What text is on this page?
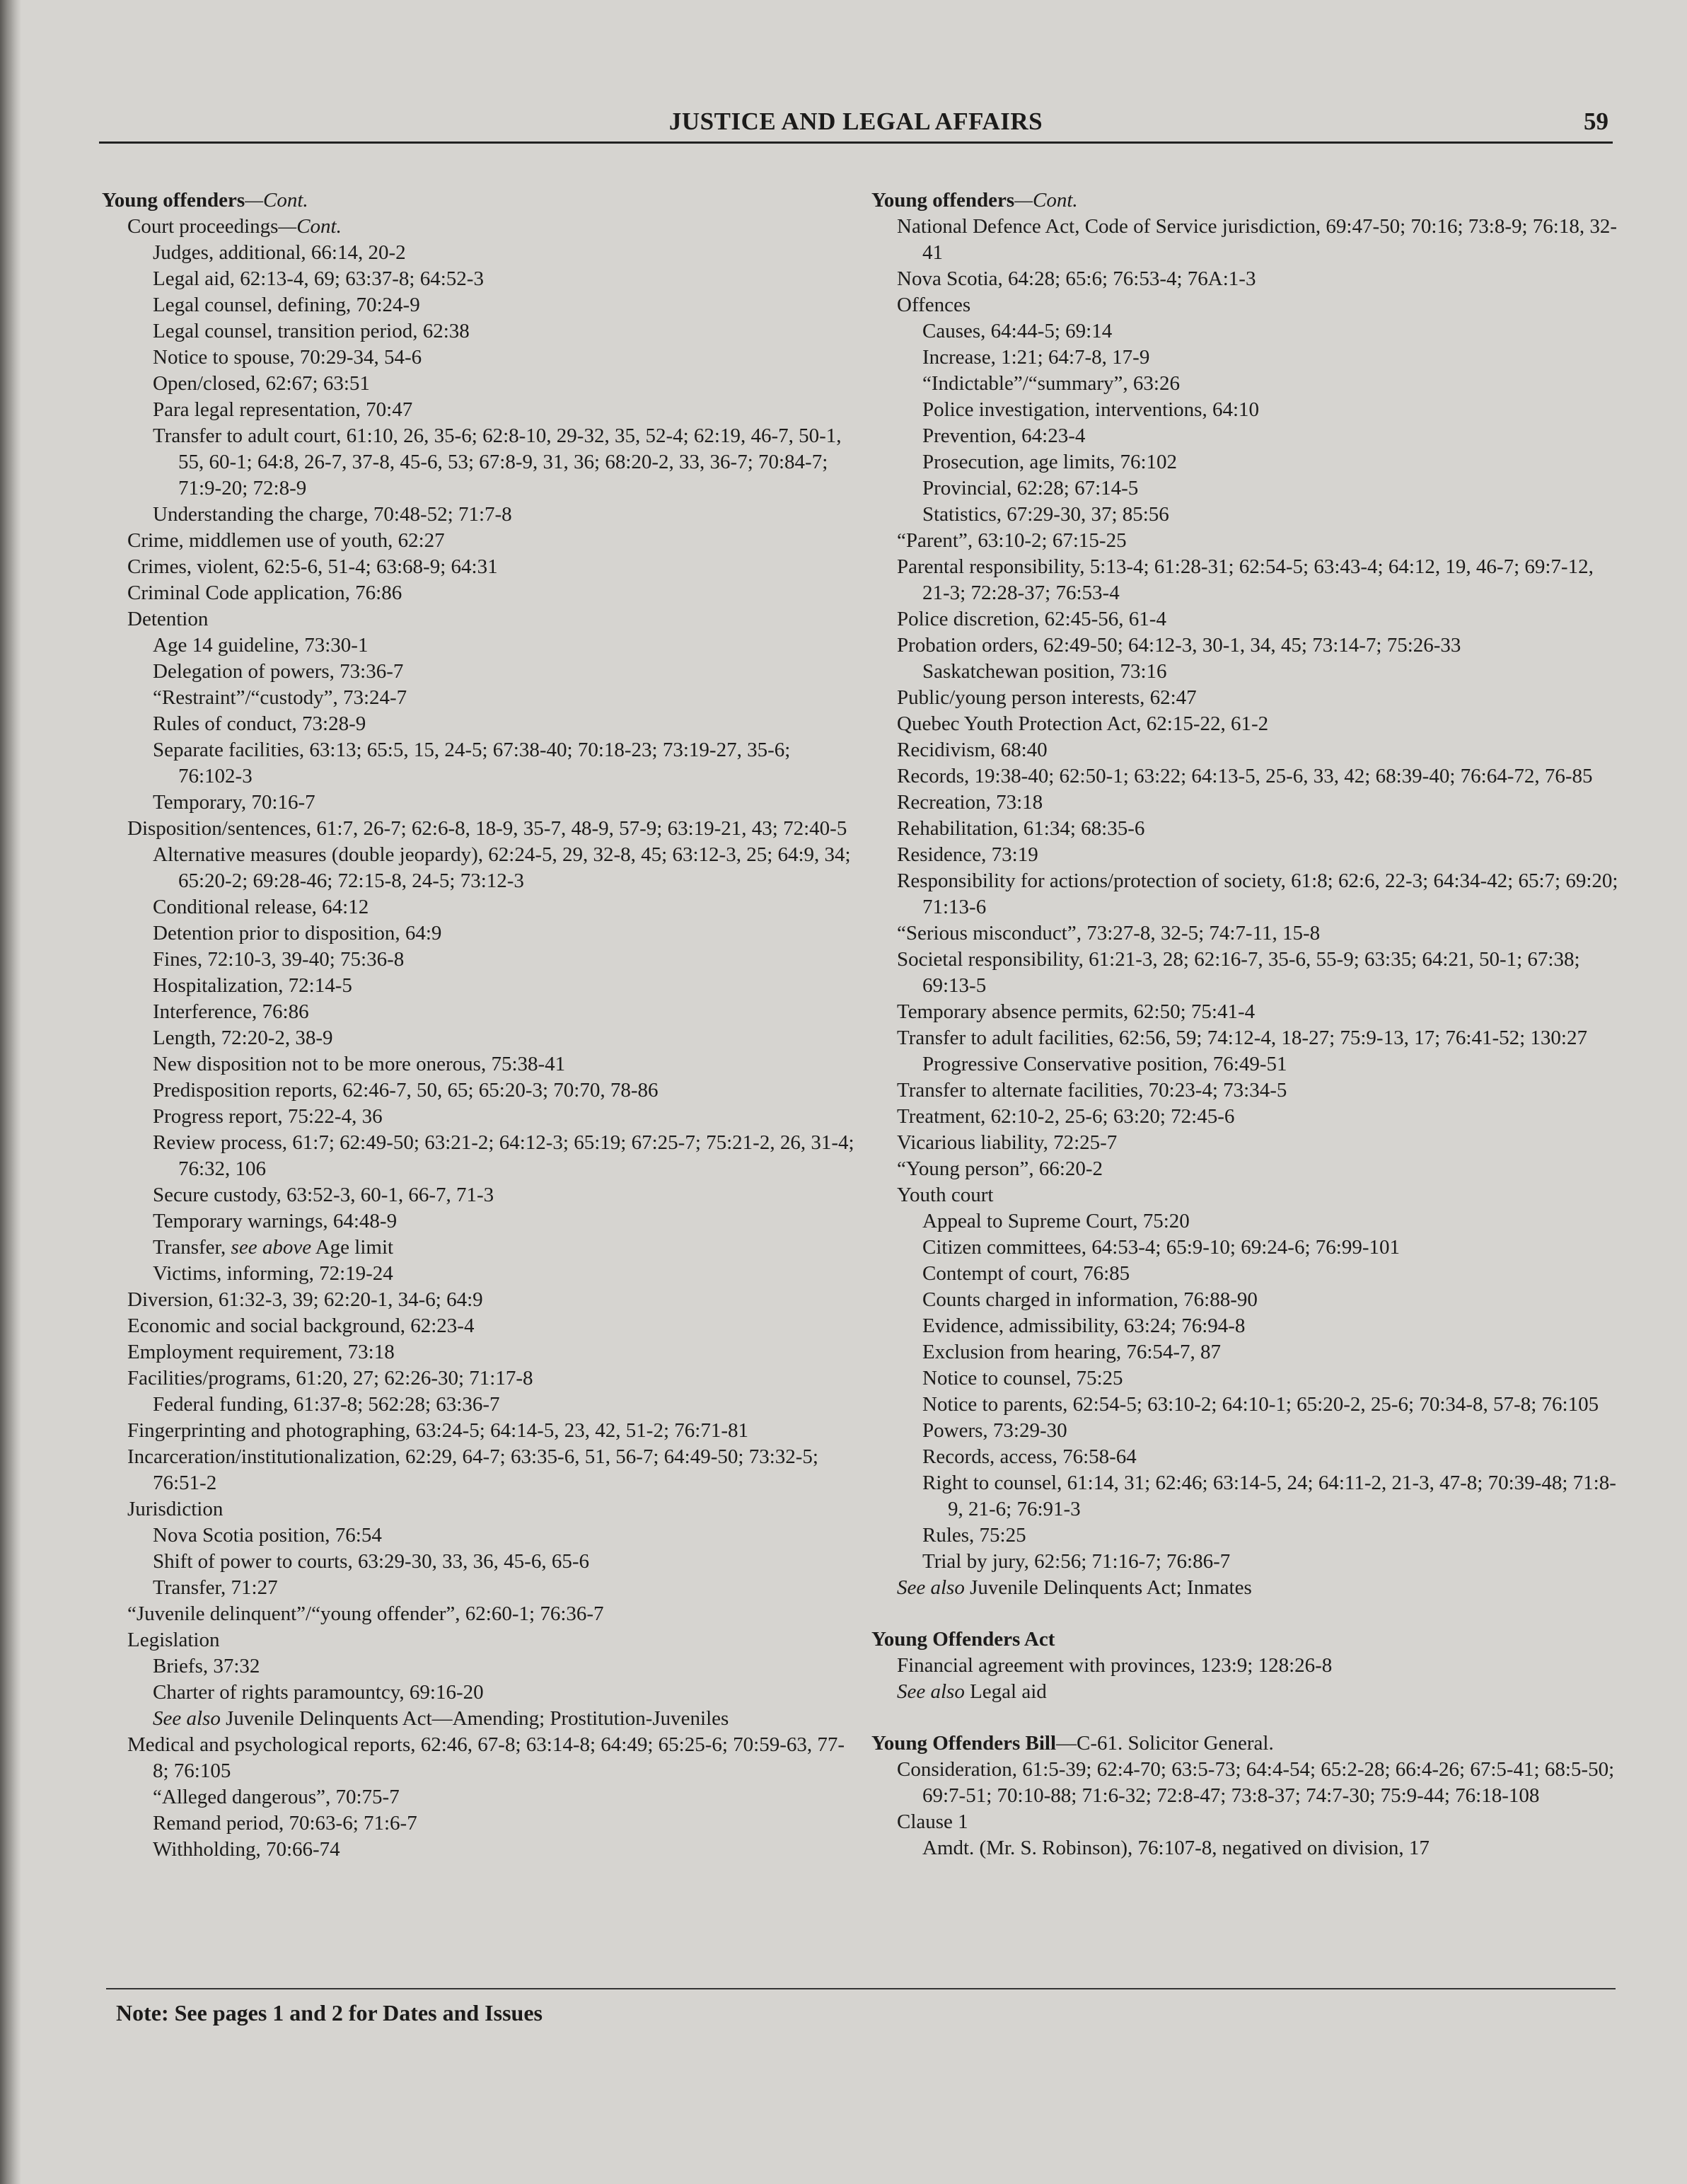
JUSTICE AND LEGAL AFFAIRS	59
Young offenders—Cont.
Court proceedings—Cont.
Judges, additional, 66:14, 20-2
Legal aid, 62:13-4, 69; 63:37-8; 64:52-3
Legal counsel, defining, 70:24-9
Legal counsel, transition period, 62:38
Notice to spouse, 70:29-34, 54-6
Open/closed, 62:67; 63:51
Para legal representation, 70:47
Transfer to adult court, 61:10, 26, 35-6; 62:8-10, 29-32, 35, 52-4; 62:19, 46-7, 50-1, 55, 60-1; 64:8, 26-7, 37-8, 45-6, 53; 67:8-9, 31, 36; 68:20-2, 33, 36-7; 70:84-7; 71:9-20; 72:8-9
Understanding the charge, 70:48-52; 71:7-8
Crime, middlemen use of youth, 62:27
Crimes, violent, 62:5-6, 51-4; 63:68-9; 64:31
Criminal Code application, 76:86
Detention
Age 14 guideline, 73:30-1
Delegation of powers, 73:36-7
“Restraint”/“custody”, 73:24-7
Rules of conduct, 73:28-9
Separate facilities, 63:13; 65:5, 15, 24-5; 67:38-40; 70:18-23; 73:19-27, 35-6; 76:102-3
Temporary, 70:16-7
Disposition/sentences, 61:7, 26-7; 62:6-8, 18-9, 35-7, 48-9, 57-9; 63:19-21, 43; 72:40-5
Alternative measures (double jeopardy), 62:24-5, 29, 32-8, 45; 63:12-3, 25; 64:9, 34; 65:20-2; 69:28-46; 72:15-8, 24-5; 73:12-3
Conditional release, 64:12
Detention prior to disposition, 64:9
Fines, 72:10-3, 39-40; 75:36-8
Hospitalization, 72:14-5
Interference, 76:86
Length, 72:20-2, 38-9
New disposition not to be more onerous, 75:38-41
Predisposition reports, 62:46-7, 50, 65; 65:20-3; 70:70, 78-86
Progress report, 75:22-4, 36
Review process, 61:7; 62:49-50; 63:21-2; 64:12-3; 65:19; 67:25-7; 75:21-2, 26, 31-4; 76:32, 106
Secure custody, 63:52-3, 60-1, 66-7, 71-3
Temporary warnings, 64:48-9
Transfer, see above Age limit
Victims, informing, 72:19-24
Diversion, 61:32-3, 39; 62:20-1, 34-6; 64:9
Economic and social background, 62:23-4
Employment requirement, 73:18
Facilities/programs, 61:20, 27; 62:26-30; 71:17-8
Federal funding, 61:37-8; 562:28; 63:36-7
Fingerprinting and photographing, 63:24-5; 64:14-5, 23, 42, 51-2; 76:71-81
Incarceration/institutionalization, 62:29, 64-7; 63:35-6, 51, 56-7; 64:49-50; 73:32-5; 76:51-2
Jurisdiction
Nova Scotia position, 76:54
Shift of power to courts, 63:29-30, 33, 36, 45-6, 65-6
Transfer, 71:27
“Juvenile delinquent”/“young offender”, 62:60-1; 76:36-7
Legislation
Briefs, 37:32
Charter of rights paramountcy, 69:16-20
See also Juvenile Delinquents Act—Amending; Prostitution-Juveniles
Medical and psychological reports, 62:46, 67-8; 63:14-8; 64:49; 65:25-6; 70:59-63, 77-8; 76:105
“Alleged dangerous”, 70:75-7
Remand period, 70:63-6; 71:6-7
Withholding, 70:66-74
Young offenders—Cont.
National Defence Act, Code of Service jurisdiction, 69:47-50; 70:16; 73:8-9; 76:18, 32-41
Nova Scotia, 64:28; 65:6; 76:53-4; 76A:1-3
Offences
Causes, 64:44-5; 69:14
Increase, 1:21; 64:7-8, 17-9
“Indictable”/“summary”, 63:26
Police investigation, interventions, 64:10
Prevention, 64:23-4
Prosecution, age limits, 76:102
Provincial, 62:28; 67:14-5
Statistics, 67:29-30, 37; 85:56
“Parent”, 63:10-2; 67:15-25
Parental responsibility, 5:13-4; 61:28-31; 62:54-5; 63:43-4; 64:12, 19, 46-7; 69:7-12, 21-3; 72:28-37; 76:53-4
Police discretion, 62:45-56, 61-4
Probation orders, 62:49-50; 64:12-3, 30-1, 34, 45; 73:14-7; 75:26-33
Saskatchewan position, 73:16
Public/young person interests, 62:47
Quebec Youth Protection Act, 62:15-22, 61-2
Recidivism, 68:40
Records, 19:38-40; 62:50-1; 63:22; 64:13-5, 25-6, 33, 42; 68:39-40; 76:64-72, 76-85
Recreation, 73:18
Rehabilitation, 61:34; 68:35-6
Residence, 73:19
Responsibility for actions/protection of society, 61:8; 62:6, 22-3; 64:34-42; 65:7; 69:20; 71:13-6
“Serious misconduct”, 73:27-8, 32-5; 74:7-11, 15-8
Societal responsibility, 61:21-3, 28; 62:16-7, 35-6, 55-9; 63:35; 64:21, 50-1; 67:38; 69:13-5
Temporary absence permits, 62:50; 75:41-4
Transfer to adult facilities, 62:56, 59; 74:12-4, 18-27; 75:9-13, 17; 76:41-52; 130:27
Progressive Conservative position, 76:49-51
Transfer to alternate facilities, 70:23-4; 73:34-5
Treatment, 62:10-2, 25-6; 63:20; 72:45-6
Vicarious liability, 72:25-7
“Young person”, 66:20-2
Youth court
Appeal to Supreme Court, 75:20
Citizen committees, 64:53-4; 65:9-10; 69:24-6; 76:99-101
Contempt of court, 76:85
Counts charged in information, 76:88-90
Evidence, admissibility, 63:24; 76:94-8
Exclusion from hearing, 76:54-7, 87
Notice to counsel, 75:25
Notice to parents, 62:54-5; 63:10-2; 64:10-1; 65:20-2, 25-6; 70:34-8, 57-8; 76:105
Powers, 73:29-30
Records, access, 76:58-64
Right to counsel, 61:14, 31; 62:46; 63:14-5, 24; 64:11-2, 21-3, 47-8; 70:39-48; 71:8-9, 21-6; 76:91-3
Rules, 75:25
Trial by jury, 62:56; 71:16-7; 76:86-7
See also Juvenile Delinquents Act; Inmates
Young Offenders Act
Financial agreement with provinces, 123:9; 128:26-8
See also Legal aid
Young Offenders Bill—C-61. Solicitor General.
Consideration, 61:5-39; 62:4-70; 63:5-73; 64:4-54; 65:2-28; 66:4-26; 67:5-41; 68:5-50; 69:7-51; 70:10-88; 71:6-32; 72:8-47; 73:8-37; 74:7-30; 75:9-44; 76:18-108
Clause 1
Amdt. (Mr. S. Robinson), 76:107-8, negatived on division, 17
Note: See pages 1 and 2 for Dates and Issues
